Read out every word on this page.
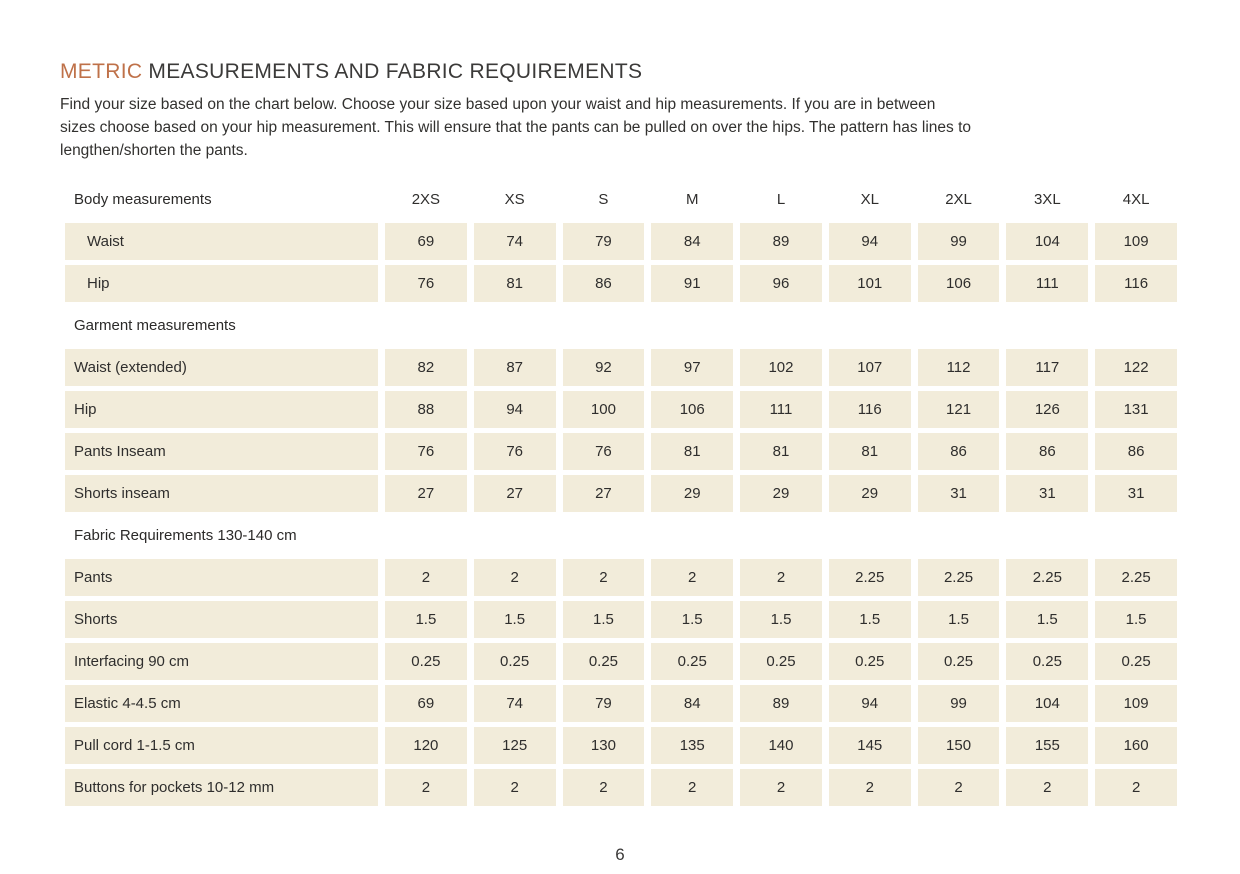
METRIC MEASUREMENTS AND FABRIC REQUIREMENTS
Find your size based on the chart below. Choose your size based upon your waist and hip measurements. If you are in between
sizes choose based on your hip measurement. This will ensure that the pants can be pulled on over the hips. The pattern has lines to
lengthen/shorten the pants.
Body measurements	2XS	XS	S	M	L	XL	2XL	3XL	4XL
Waist	69	74	79	84	89	94	99	104	109
Hip	76	81	86	91	96	101	106	111	116
Garment measurements
Waist (extended)	82	87	92	97	102	107	112	117	122
Hip	88	94	100	106	111	116	121	126	131
Pants Inseam	76	76	76	81	81	81	86	86	86
Shorts inseam	27	27	27	29	29	29	31	31	31
Fabric Requirements 130-140 cm
Pants	2	2	2	2	2	2.25	2.25	2.25	2.25
Shorts	1.5	1.5	1.5	1.5	1.5	1.5	1.5	1.5	1.5
Interfacing 90 cm	0.25	0.25	0.25	0.25	0.25	0.25	0.25	0.25	0.25
Elastic 4-4.5 cm	69	74	79	84	89	94	99	104	109
Pull cord 1-1.5 cm	120	125	130	135	140	145	150	155	160
Buttons for pockets 10-12 mm	2	2	2	2	2	2	2	2	2
6
